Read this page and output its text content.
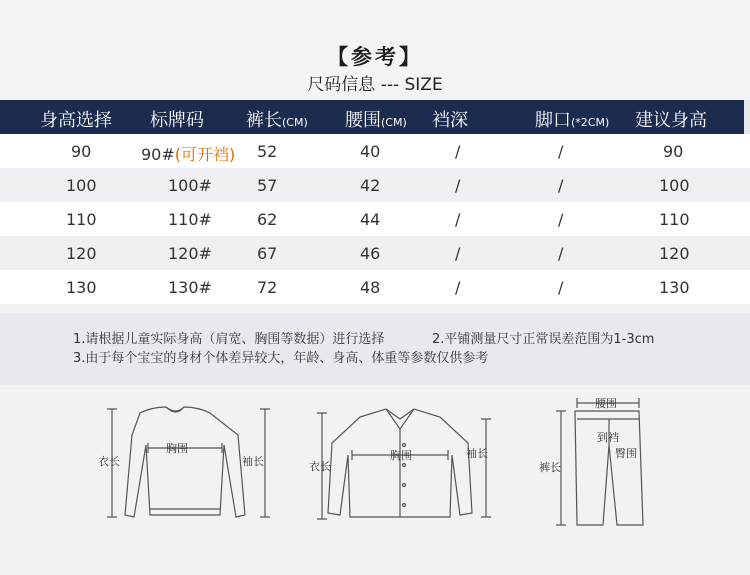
【参考】
尺码信息 --- SIZE
身高选择 标牌码 裤长(CM) 腰围(CM) 裆深	脚口(*2CM) 建议身高
90	90#(可开裆) 52	40	/	/	90
100	100#	57	42	/	/	100
110	110#	62	44	/	/	110
120	120#	67	46	/	/	120
130	130#	72	48	/	/	130
1.请根据儿童实际身高（肩宽、胸围等数据）进行选择	2.平铺测量尺寸正常误差范围为1-3cm
3.由于每个宝宝的身材个体差异较大，年龄、身高、体重等参数仅供参考
衣长
胸围
袖长	衣长
胸围	袖长
腰围
到裆
臀围
裤长
